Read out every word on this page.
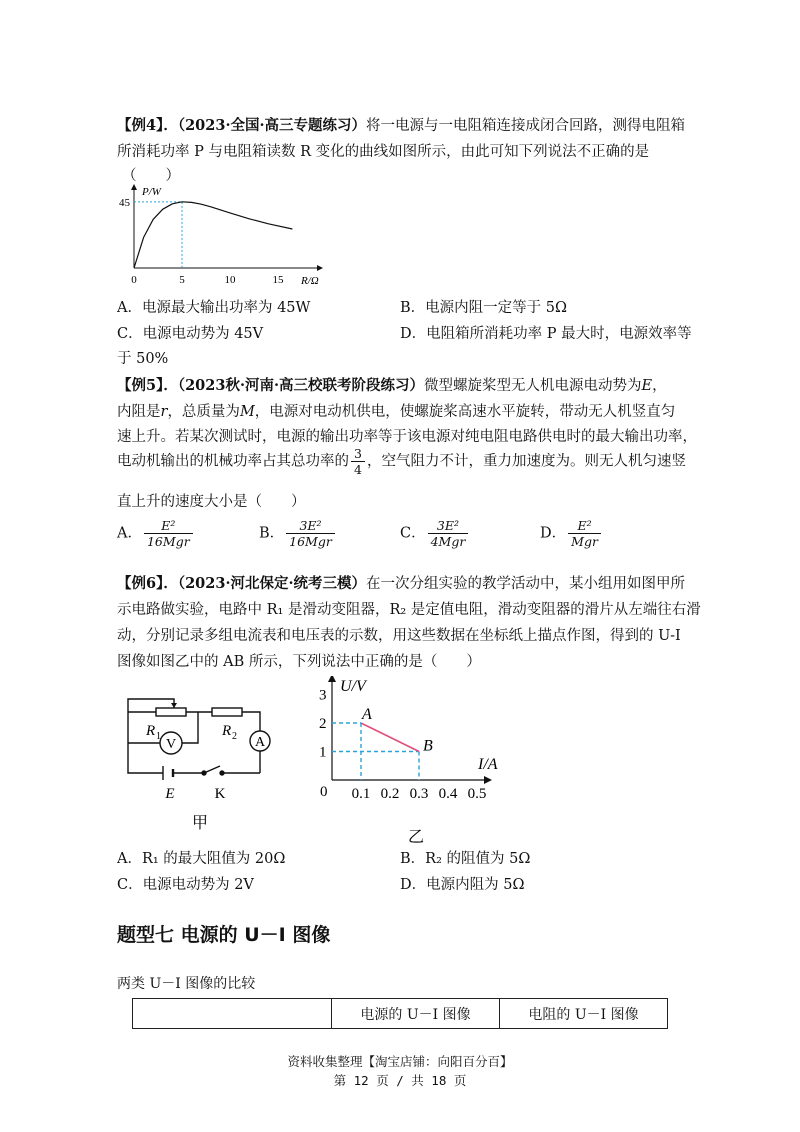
【例4】．（2023·全国·高三专题练习）将一电源与一电阻箱连接成闭合回路，测得电阻箱
所消耗功率 P 与电阻箱读数 R 变化的曲线如图所示，由此可知下列说法不正确的是
（　　）
P/W
R/Ω
0	5	10	15
45
A．电源最大输出功率为 45W	B．电源内阻一定等于 5Ω
C．电源电动势为 45V	D．电阻箱所消耗功率 P 最大时，电源效率等
于 50%
【例5】．（2023秋·河南·高三校联考阶段练习）微型螺旋桨型无人机电源电动势为E，
内阻是r，总质量为M，电源对电动机供电，使螺旋桨高速水平旋转，带动无人机竖直匀
速上升。若某次测试时，电源的输出功率等于该电源对纯电阻电路供电时的最大输出功率，
电动机输出的机械功率占其总功率的 $\frac{3}{4}$ ，空气阻力不计，重力加速度为。则无人机匀速竖
直上升的速度大小是（　　）
A． $\frac{\text{E²}}{\text{16Mgr}}$	B． $\frac{\text{3E²}}{\text{16Mgr}}$	C． $\frac{\text{3E²}}{\text{4Mgr}}$	D． $\frac{\text{E²}}{\text{Mgr}}$
【例6】．（2023·河北保定·统考三模）在一次分组实验的教学活动中，某小组用如图甲所
示电路做实验，电路中 R₁ 是滑动变阻器，R₂ 是定值电阻，滑动变阻器的滑片从左端往右滑
动，分别记录多组电流表和电压表的示数，用这些数据在坐标纸上描点作图，得到的 U-I
图像如图乙中的 AB 所示，下列说法中正确的是（　　）
V	A
R 1	R 2
E	K
甲
U/V
I/A
0 0.1 0.2 0.3 0.4 0.5
1
2
3
A
B
乙
A．R₁ 的最大阻值为 20Ω	B．R₂ 的阻值为 5Ω
C．电源电动势为 2V	D．电源内阻为 5Ω
题型七 电源的 U－I 图像
两类 U－I 图像的比较
	电源的 U－I 图像	电阻的 U－I 图像
资料收集整理【淘宝店铺：向阳百分百】
第 12 页 / 共 18 页
